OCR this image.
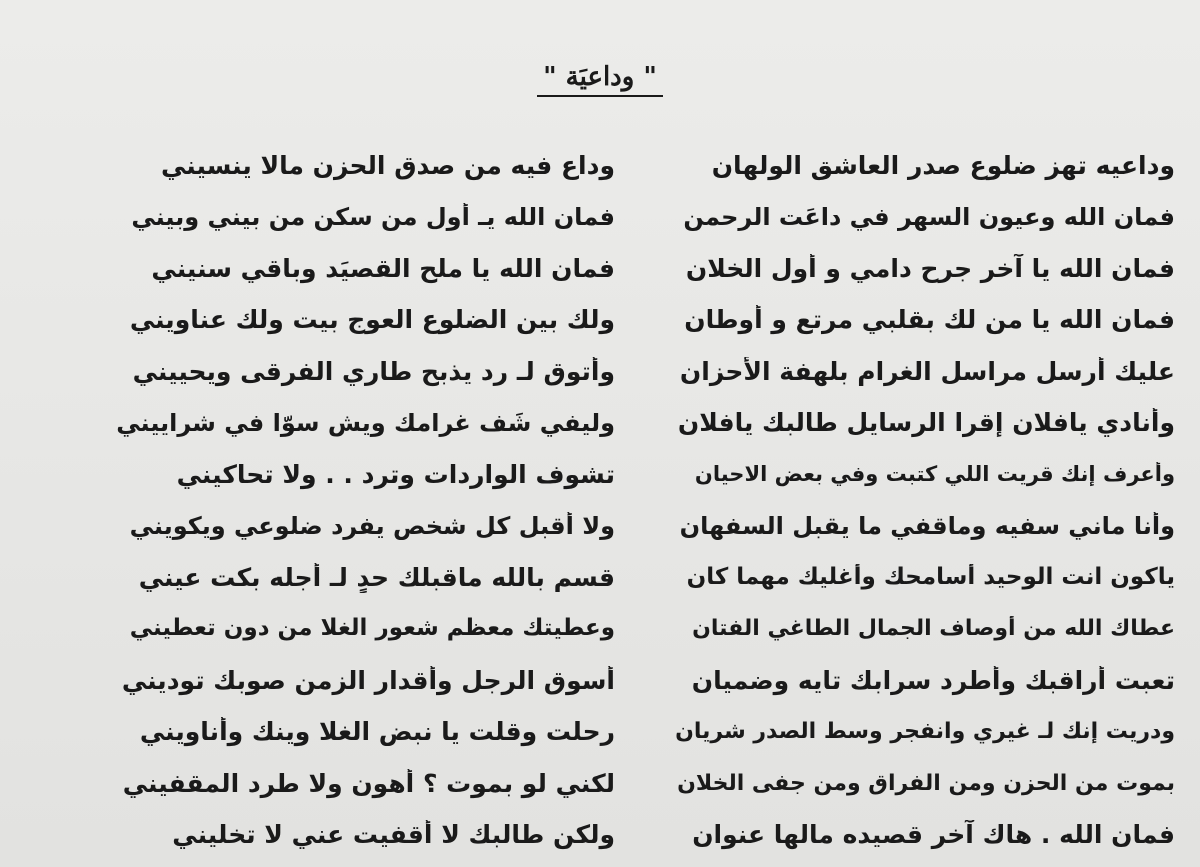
" وداعيَة "
وداعيه تهز ضلوع صدر العاشق الولهان
وداع فيه من صدق الحزن مالا ينسيني
فمان الله وعيون السهر في داعَت الرحمن
فمان الله يـ أول من سكن من بيني وبيني
فمان الله يا آخر جرح دامي و أول الخلان
فمان الله يا ملح القصيَد وباقي سنيني
فمان الله يا من لك بقلبي مرتع و أوطان
ولك بين الضلوع العوج بيت ولك عناويني
عليك أرسل مراسل الغرام بلهفة الأحزان
وأتوق لـ رد يذبح طاري الفرقى ويحييني
وأنادي يافلان إقرا الرسايل طالبك يافلان
وليفي شَف غرامك ويش سوّا في شراييني
وأعرف إنك قريت اللي كتبت وفي بعض الاحيان
تشوف الواردات وترد . . ولا تحاكيني
وأنا ماني سفيه وماقفي ما يقبل السفهان
ولا أقبل كل شخص يفرد ضلوعي ويكويني
ياكون انت الوحيد أسامحك وأغليك مهما كان
قسم بالله ماقبلك حدٍ لـ أجله بكت عيني
عطاك الله من أوصاف الجمال الطاغي الفتان
وعطيتك معظم شعور الغلا من دون تعطيني
تعبت أراقبك وأطرد سرابك تايه وضميان
أسوق الرجل وأقدار الزمن صوبك توديني
ودريت إنك لـ غيري وانفجر وسط الصدر شريان
رحلت وقلت يا نبض الغلا وينك وأناويني
بموت من الحزن ومن الفراق ومن جفى الخلان
لكني لو بموت ؟ أهون ولا طرد المقفيني
فمان الله . هاك آخر قصيده مالها عنوان
ولكن طالبك لا أقفيت عني لا تخليني
